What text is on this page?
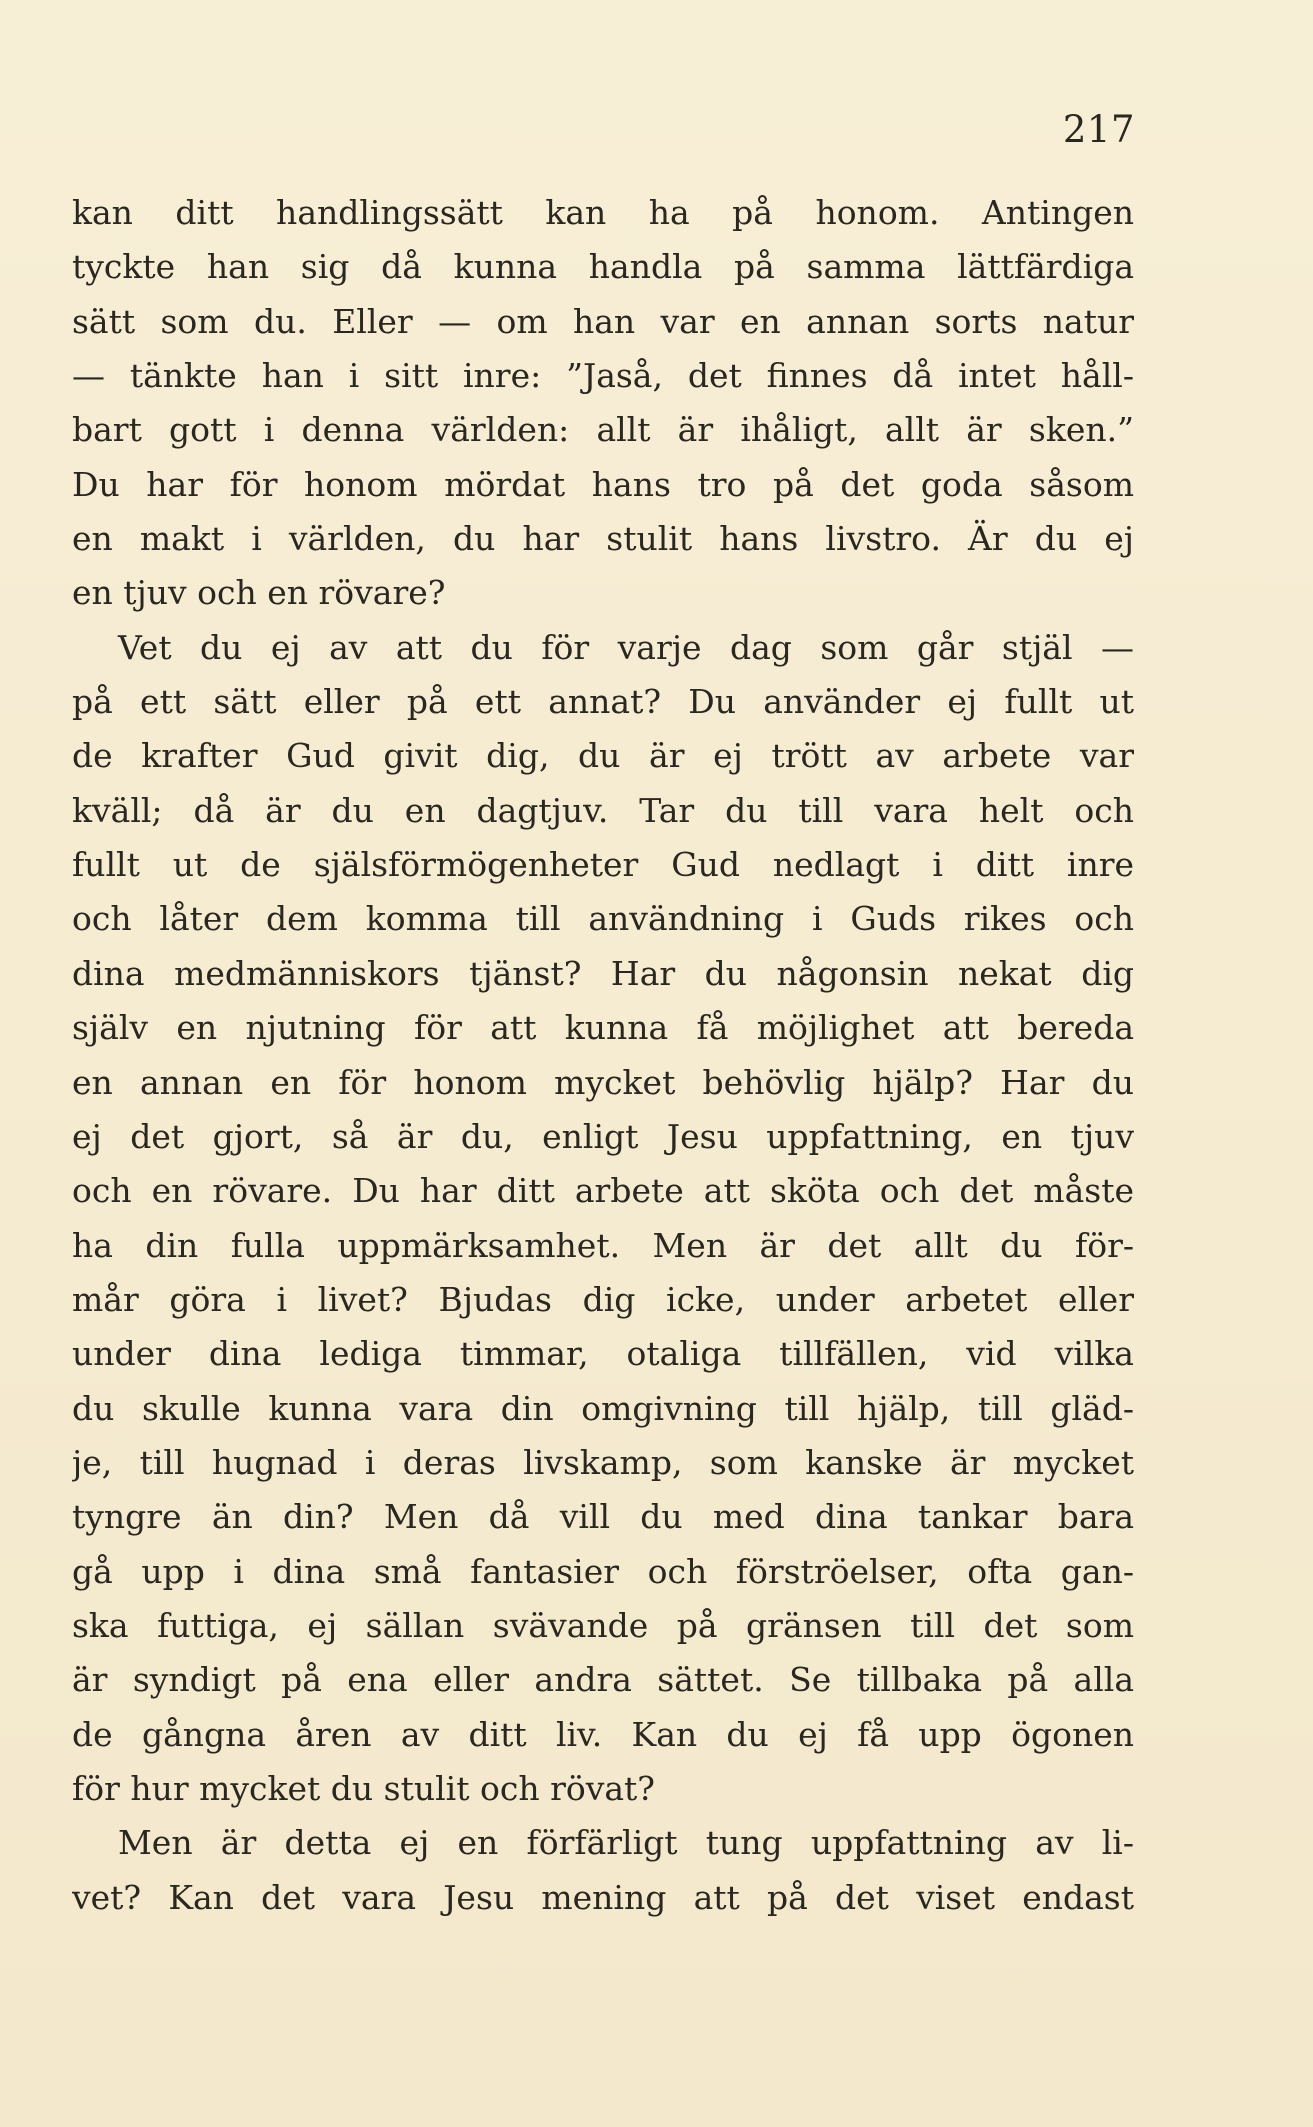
217

kan ditt handlingssätt kan ha på honom. Antingen
tyckte han sig då kunna handla på samma lättfärdiga
sätt som du. Eller — om han var en annan sorts natur
— tänkte han i sitt inre: ”Jaså, det finnes då intet håll-
bart gott i denna världen: allt är ihåligt, allt är sken.”
Du har för honom mördat hans tro på det goda såsom
en makt i världen, du har stulit hans livstro. Är du ej
en tjuv och en rövare?
Vet du ej av att du för varje dag som går stjäl —
på ett sätt eller på ett annat? Du använder ej fullt ut
de krafter Gud givit dig, du är ej trött av arbete var
kväll; då är du en dagtjuv. Tar du till vara helt och
fullt ut de själsförmögenheter Gud nedlagt i ditt inre
och låter dem komma till användning i Guds rikes och
dina medmänniskors tjänst? Har du någonsin nekat dig
själv en njutning för att kunna få möjlighet att bereda
en annan en för honom mycket behövlig hjälp? Har du
ej det gjort, så är du, enligt Jesu uppfattning, en tjuv
och en rövare. Du har ditt arbete att sköta och det måste
ha din fulla uppmärksamhet. Men är det allt du för-
mår göra i livet? Bjudas dig icke, under arbetet eller
under dina lediga timmar, otaliga tillfällen, vid vilka
du skulle kunna vara din omgivning till hjälp, till gläd-
je, till hugnad i deras livskamp, som kanske är mycket
tyngre än din? Men då vill du med dina tankar bara
gå upp i dina små fantasier och förströelser, ofta gan-
ska futtiga, ej sällan svävande på gränsen till det som
är syndigt på ena eller andra sättet. Se tillbaka på alla
de gångna åren av ditt liv. Kan du ej få upp ögonen
för hur mycket du stulit och rövat?
Men är detta ej en förfärligt tung uppfattning av li-
vet? Kan det vara Jesu mening att på det viset endast
